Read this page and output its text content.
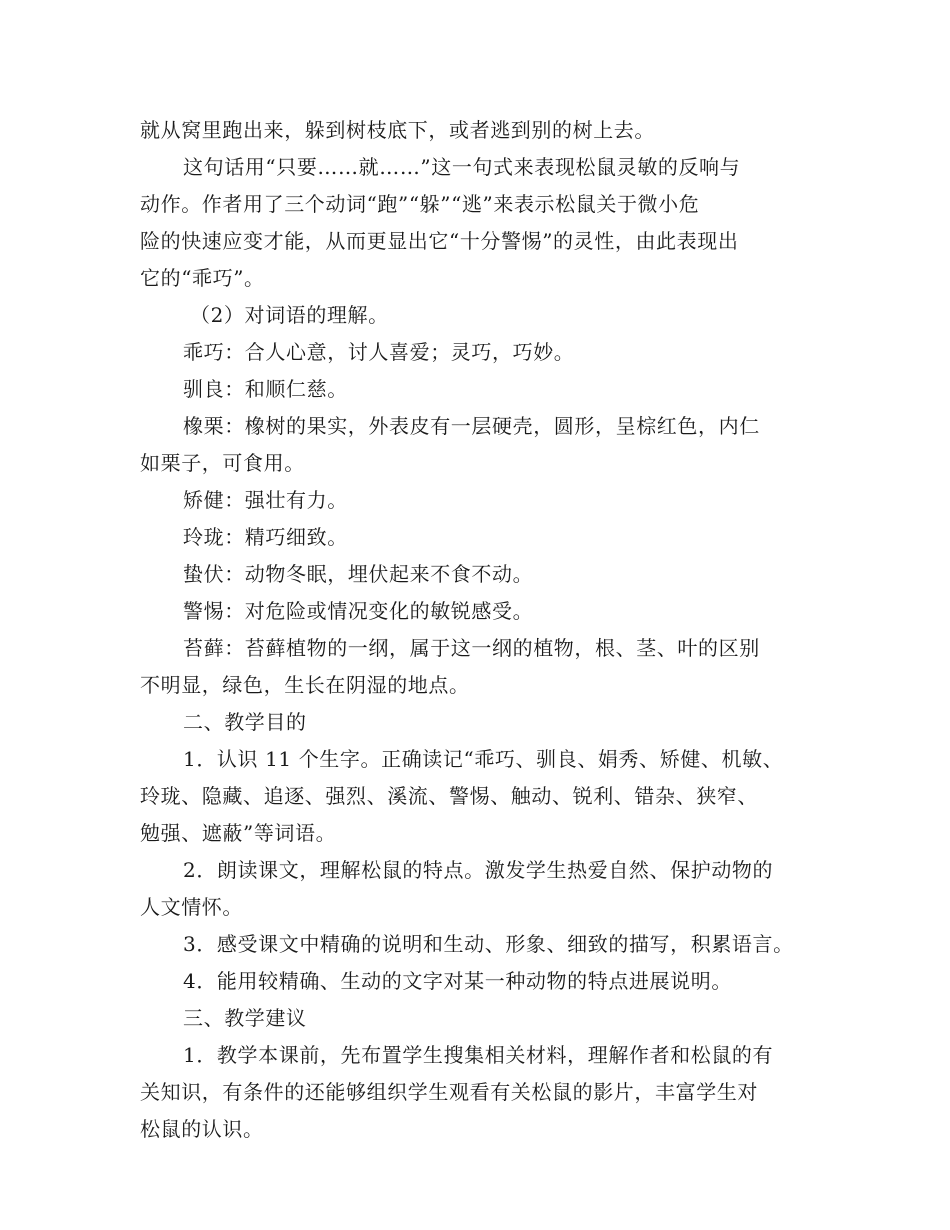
就从窝里跑出来，躲到树枝底下，或者逃到别的树上去。
这句话用“只要……就……”这一句式来表现松鼠灵敏的反响与
动作。作者用了三个动词“跑”“躲”“逃”来表示松鼠关于微小危
险的快速应变才能，从而更显出它“十分警惕”的灵性，由此表现出
它的“乖巧”。
（2）对词语的理解。
乖巧：合人心意，讨人喜爱；灵巧，巧妙。
驯良：和顺仁慈。
橡栗：橡树的果实，外表皮有一层硬壳，圆形，呈棕红色，内仁
如栗子，可食用。
矫健：强壮有力。
玲珑：精巧细致。
蛰伏：动物冬眠，埋伏起来不食不动。
警惕：对危险或情况变化的敏锐感受。
苔藓：苔藓植物的一纲，属于这一纲的植物，根、茎、叶的区别
不明显，绿色，生长在阴湿的地点。
二、教学目的
1．认识 11 个生字。正确读记“乖巧、驯良、娟秀、矫健、机敏、
玲珑、隐藏、追逐、强烈、溪流、警惕、触动、锐利、错杂、狭窄、
勉强、遮蔽”等词语。
2．朗读课文，理解松鼠的特点。激发学生热爱自然、保护动物的
人文情怀。
3．感受课文中精确的说明和生动、形象、细致的描写，积累语言。
4．能用较精确、生动的文字对某一种动物的特点进展说明。
三、教学建议
1．教学本课前，先布置学生搜集相关材料，理解作者和松鼠的有
关知识，有条件的还能够组织学生观看有关松鼠的影片，丰富学生对
松鼠的认识。
